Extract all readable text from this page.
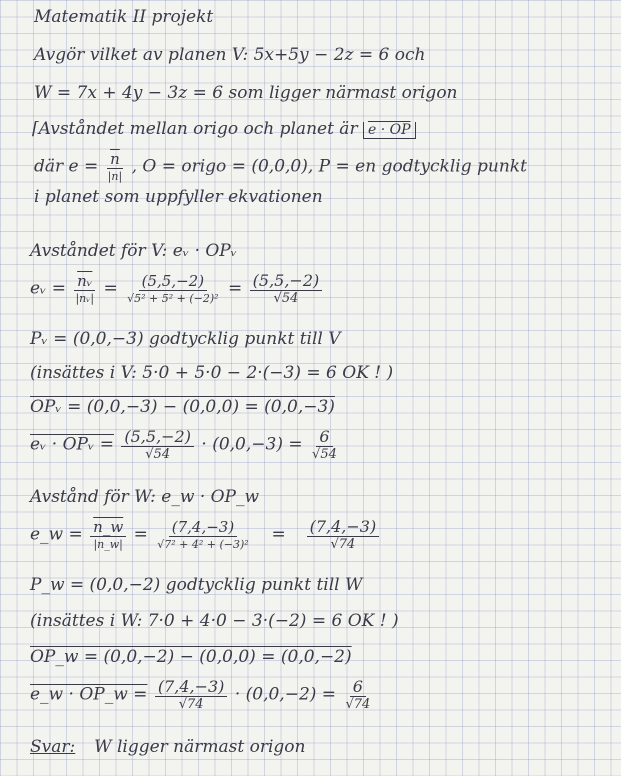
Matematik II projekt
Avgör vilket av planen V: 5x+5y − 2z = 6 och
W = 7x + 4y − 3z = 6 som ligger närmast origon
⌈Avståndet mellan origo och planet är e · OP
där $e = \frac{\overline{n}}{|n|}$ , O = origo = (0,0,0), P = en godtycklig punkt
i planet som uppfyller ekvationen
Avståndet för V: eᵥ · OPᵥ
eᵥ = $\frac{\overline{nᵥ}}{\text{|nᵥ|}} = \frac{(5,5,-2)}{\text{√5² + 5² + (−2)²}} = \frac{(5,5,-2)}{√54}$
Pᵥ = (0,0,−3) godtycklig punkt till V
(insättes i V: 5·0 + 5·0 − 2·(−3) = 6 OK ! )
OPᵥ = (0,0,−3) − (0,0,0) = (0,0,−3)
eᵥ · OPᵥ = $\frac{(5,5,-2)}{√54} \cdot (0,0,-3) = \frac{6}{√54}$
Avstånd för W: e_w · OP_w
e_w = $\frac{n\_w}{|n\_w|} = \frac{(7,4,-3)}{\text{√7² + 4² + (−3)²}} = \frac{(7,4,-3)}{√74}$
P_w = (0,0,−2) godtycklig punkt till W
(insättes i W: 7·0 + 4·0 − 3·(−2) = 6 OK ! )
OP_w = (0,0,−2) − (0,0,0) = (0,0,−2)
e_w · OP_w = $\frac{(7,4,-3)}{√74} \cdot (0,0,-2) = \frac{6}{√74}$
Svar: W ligger närmast origon
